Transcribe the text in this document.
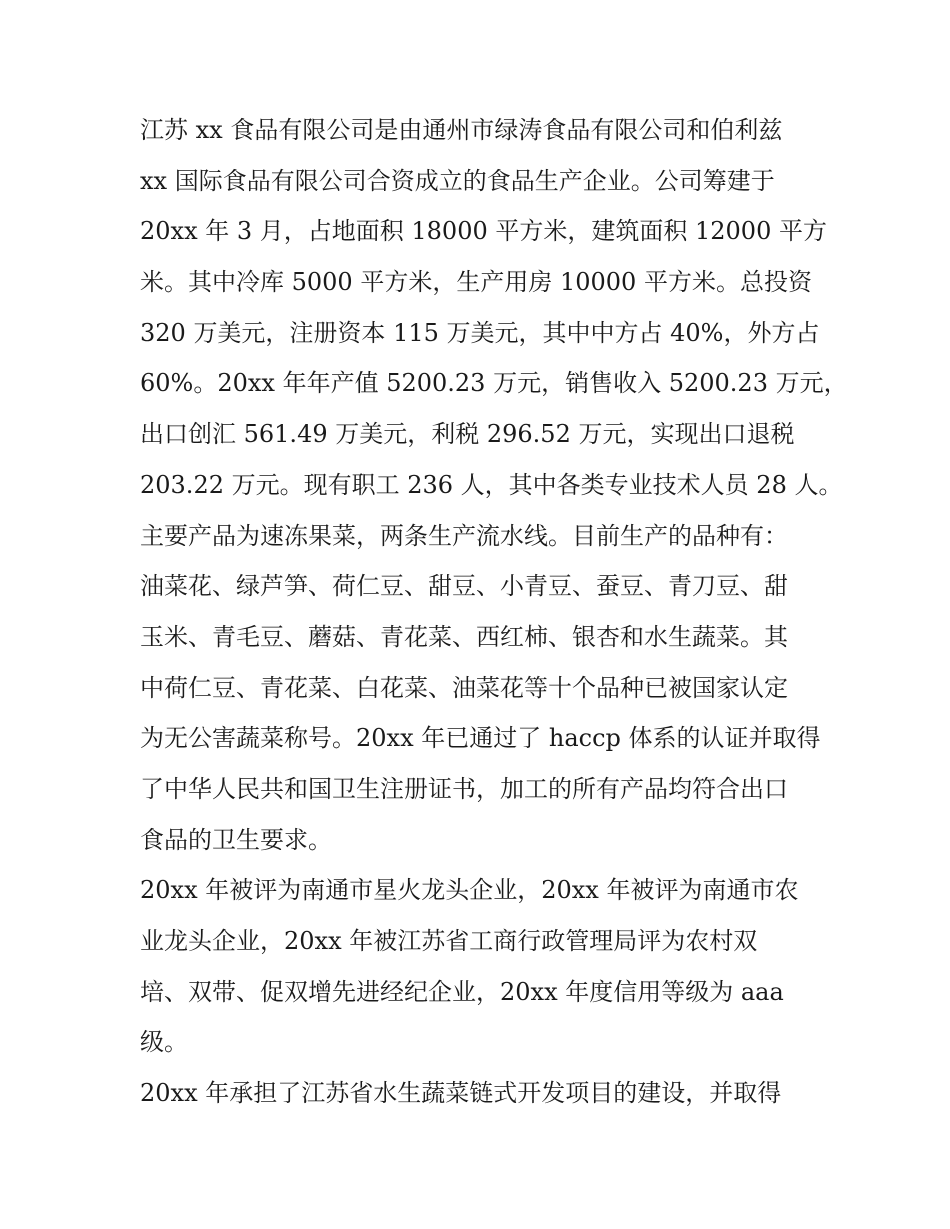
江苏 xx 食品有限公司是由通州市绿涛食品有限公司和伯利兹
xx 国际食品有限公司合资成立的食品生产企业。公司筹建于
20xx 年 3 月，占地面积 18000 平方米，建筑面积 12000 平方
米。其中冷库 5000 平方米，生产用房 10000 平方米。总投资
320 万美元，注册资本 115 万美元，其中中方占 40%，外方占
60%。20xx 年年产值 5200.23 万元，销售收入 5200.23 万元，
出口创汇 561.49 万美元，利税 296.52 万元，实现出口退税
203.22 万元。现有职工 236 人，其中各类专业技术人员 28 人。
主要产品为速冻果菜，两条生产流水线。目前生产的品种有：
油菜花、绿芦笋、荷仁豆、甜豆、小青豆、蚕豆、青刀豆、甜
玉米、青毛豆、蘑菇、青花菜、西红柿、银杏和水生蔬菜。其
中荷仁豆、青花菜、白花菜、油菜花等十个品种已被国家认定
为无公害蔬菜称号。20xx 年已通过了 haccp 体系的认证并取得
了中华人民共和国卫生注册证书，加工的所有产品均符合出口
食品的卫生要求。
20xx 年被评为南通市星火龙头企业，20xx 年被评为南通市农
业龙头企业，20xx 年被江苏省工商行政管理局评为农村双
培、双带、促双增先进经纪企业，20xx 年度信用等级为 aaa
级。
20xx 年承担了江苏省水生蔬菜链式开发项目的建设，并取得
